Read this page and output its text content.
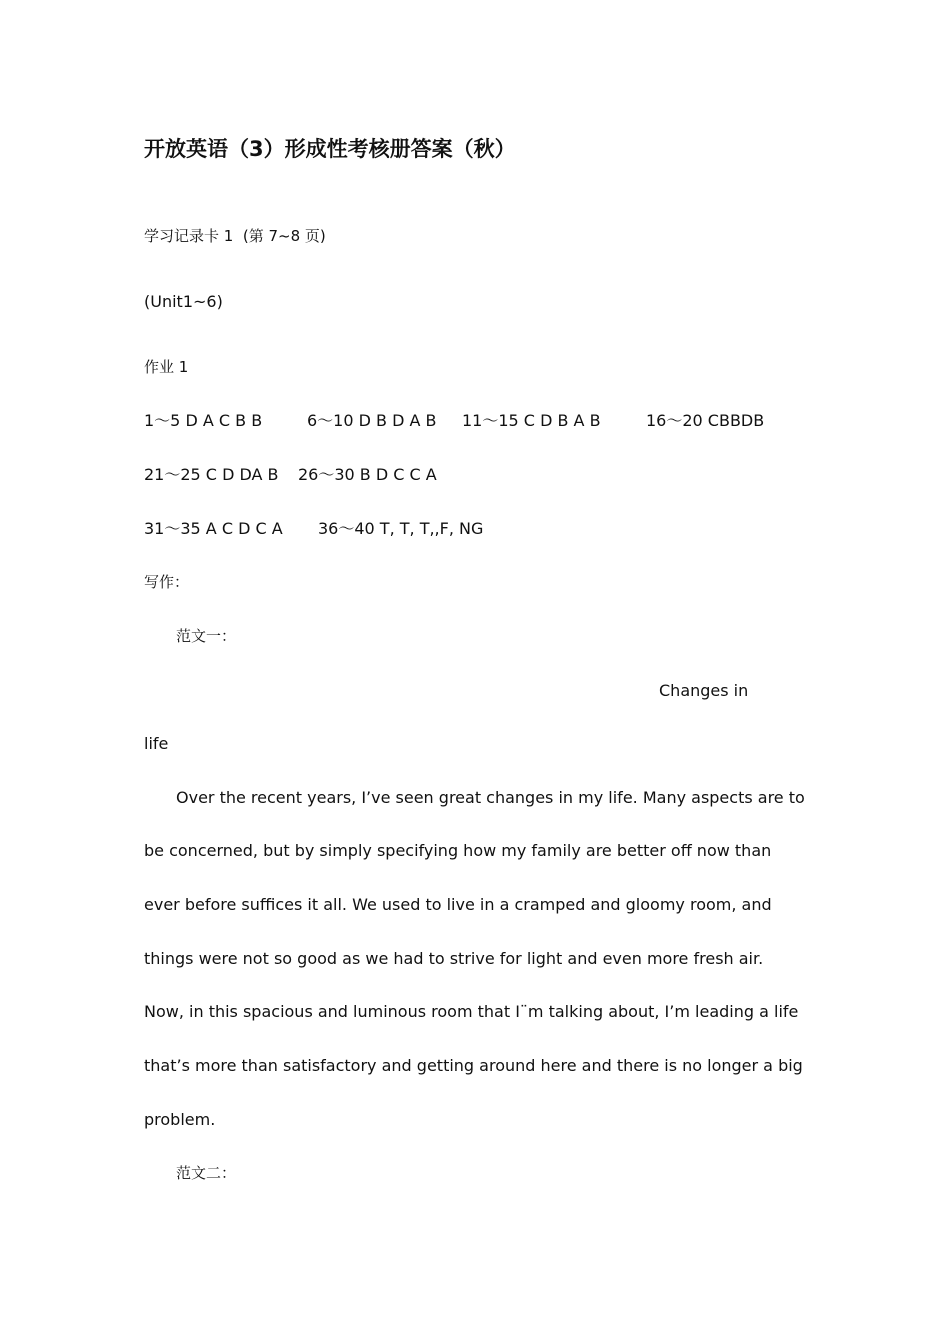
开放英语（3）形成性考核册答案（秋）
学习记录卡 1  (第 7~8 页)
(Unit1~6)
作业 1
1～5 D A C B B	6～10 D B D A B 11～15 C D B A B	16～20 CBBDB
21～25 C D DA B 26～30 B D C C A
31～35 A C D C A 36～40 T, T, T,,F, NG
写作：
范文一：
Changes in
life
Over the recent years, I’ve seen great changes in my life. Many aspects are to
be concerned, but by simply specifying how my family are better off now than
ever before suffices it all. We used to live in a cramped and gloomy room, and
things were not so good as we had to strive for light and even more fresh air.
Now, in this spacious and luminous room that I¨m talking about, I’m leading a life
that’s more than satisfactory and getting around here and there is no longer a big
problem.
范文二：
